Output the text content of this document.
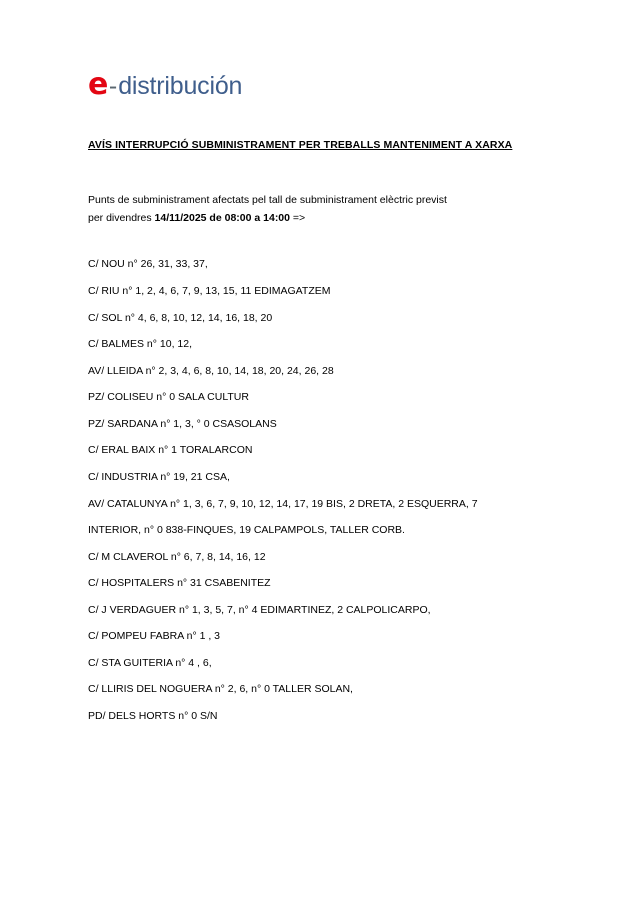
e - distribución
AVÍS INTERRUPCIÓ SUBMINISTRAMENT PER TREBALLS MANTENIMENT A XARXA

Punts de subministrament afectats pel tall de subministrament elèctric previst
per divendres 14/11/2025 de 08:00 a 14:00 =>

C/ NOU n° 26, 31, 33, 37,
C/ RIU n° 1, 2, 4, 6, 7, 9, 13, 15, 11 EDIMAGATZEM
C/ SOL n° 4, 6, 8, 10, 12, 14, 16, 18, 20
C/ BALMES n° 10, 12,
AV/ LLEIDA n° 2, 3, 4, 6, 8, 10, 14, 18, 20, 24, 26, 28
PZ/ COLISEU n° 0 SALA CULTUR
PZ/ SARDANA n° 1, 3, ° 0 CSASOLANS
C/ ERAL BAIX n° 1 TORALARCON
C/ INDUSTRIA n° 19, 21 CSA,
AV/ CATALUNYA n° 1, 3, 6, 7, 9, 10, 12, 14, 17, 19 BIS, 2 DRETA, 2 ESQUERRA, 7
INTERIOR, n° 0 838-FINQUES, 19 CALPAMPOLS, TALLER CORB.
C/ M CLAVEROL n° 6, 7, 8, 14, 16, 12
C/ HOSPITALERS n° 31 CSABENITEZ
C/ J VERDAGUER n° 1, 3, 5, 7, n° 4 EDIMARTINEZ, 2 CALPOLICARPO,
C/ POMPEU FABRA n° 1 , 3
C/ STA GUITERIA n° 4 , 6,
C/ LLIRIS DEL NOGUERA n° 2, 6, n° 0 TALLER SOLAN,
PD/ DELS HORTS n° 0 S/N
